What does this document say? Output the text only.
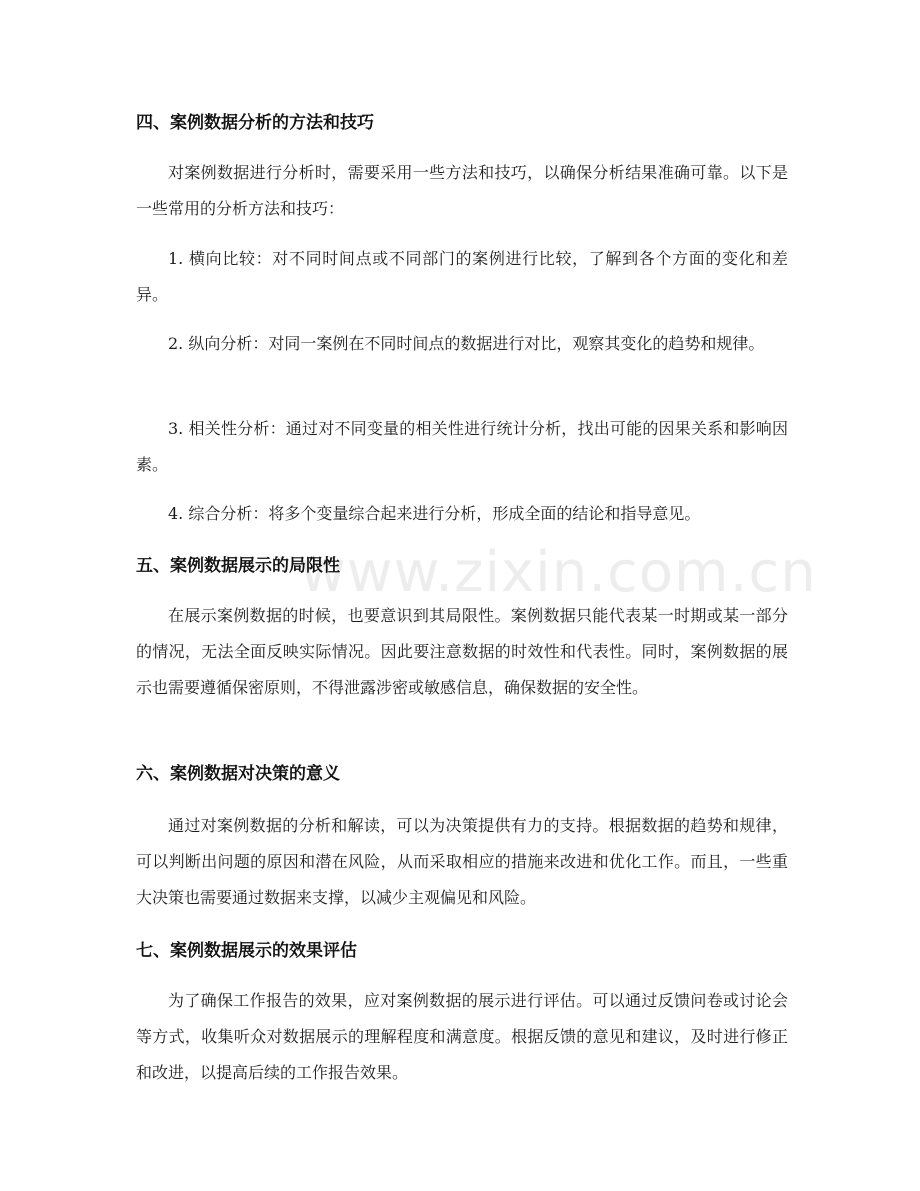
四、案例数据分析的方法和技巧

对案例数据进行分析时，需要采用一些方法和技巧，以确保分析结果准确可靠。以下是一些常用的分析方法和技巧：

1. 横向比较：对不同时间点或不同部门的案例进行比较，了解到各个方面的变化和差异。

2. 纵向分析：对同一案例在不同时间点的数据进行对比，观察其变化的趋势和规律。

3. 相关性分析：通过对不同变量的相关性进行统计分析，找出可能的因果关系和影响因素。

4. 综合分析：将多个变量综合起来进行分析，形成全面的结论和指导意见。

五、案例数据展示的局限性

在展示案例数据的时候，也要意识到其局限性。案例数据只能代表某一时期或某一部分的情况，无法全面反映实际情况。因此要注意数据的时效性和代表性。同时，案例数据的展示也需要遵循保密原则，不得泄露涉密或敏感信息，确保数据的安全性。

六、案例数据对决策的意义

通过对案例数据的分析和解读，可以为决策提供有力的支持。根据数据的趋势和规律，可以判断出问题的原因和潜在风险，从而采取相应的措施来改进和优化工作。而且，一些重大决策也需要通过数据来支撑，以减少主观偏见和风险。

七、案例数据展示的效果评估

为了确保工作报告的效果，应对案例数据的展示进行评估。可以通过反馈问卷或讨论会等方式，收集听众对数据展示的理解程度和满意度。根据反馈的意见和建议，及时进行修正和改进，以提高后续的工作报告效果。

www.zixin.com.cn
